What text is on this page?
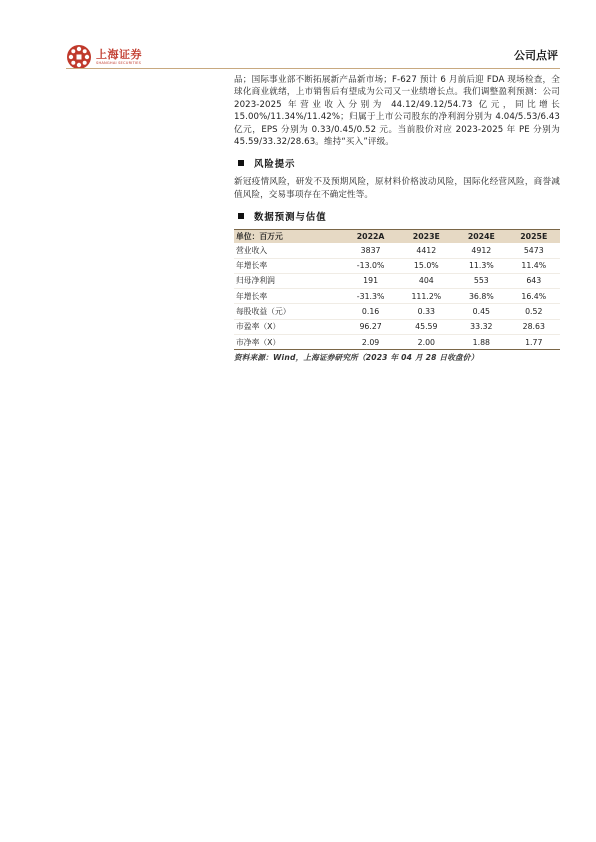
上海证券
SHANGHAI SECURITIES
公司点评

品；国际事业部不断拓展新产品新市场；F-627 预计 6 月前后迎 FDA 现场检查，全球化商业就绪，上市销售后有望成为公司又一业绩增长点。我们调整盈利预测：公司 2023-2025 年营业收入分别为 44.12/49.12/54.73 亿元，同比增长 15.00%/11.34%/11.42%；归属于上市公司股东的净利润分别为 4.04/5.53/6.43 亿元，EPS 分别为 0.33/0.45/0.52 元。当前股价对应 2023-2025 年 PE 分别为 45.59/33.32/28.63。维持“买入”评级。

风险提示

新冠疫情风险，研发不及预期风险，原材料价格波动风险，国际化经营风险，商誉减值风险，交易事项存在不确定性等。

数据预测与估值
单位：百万元	2022A	2023E	2024E	2025E
营业收入	3837	4412	4912	5473
年增长率	-13.0%	15.0%	11.3%	11.4%
归母净利润	191	404	553	643
年增长率	-31.3%	111.2%	36.8%	16.4%
每股收益（元）	0.16	0.33	0.45	0.52
市盈率（X）	96.27	45.59	33.32	28.63
市净率（X）	2.09	2.00	1.88	1.77

资料来源：Wind，上海证券研究所（2023 年 04 月 28 日收盘价）
